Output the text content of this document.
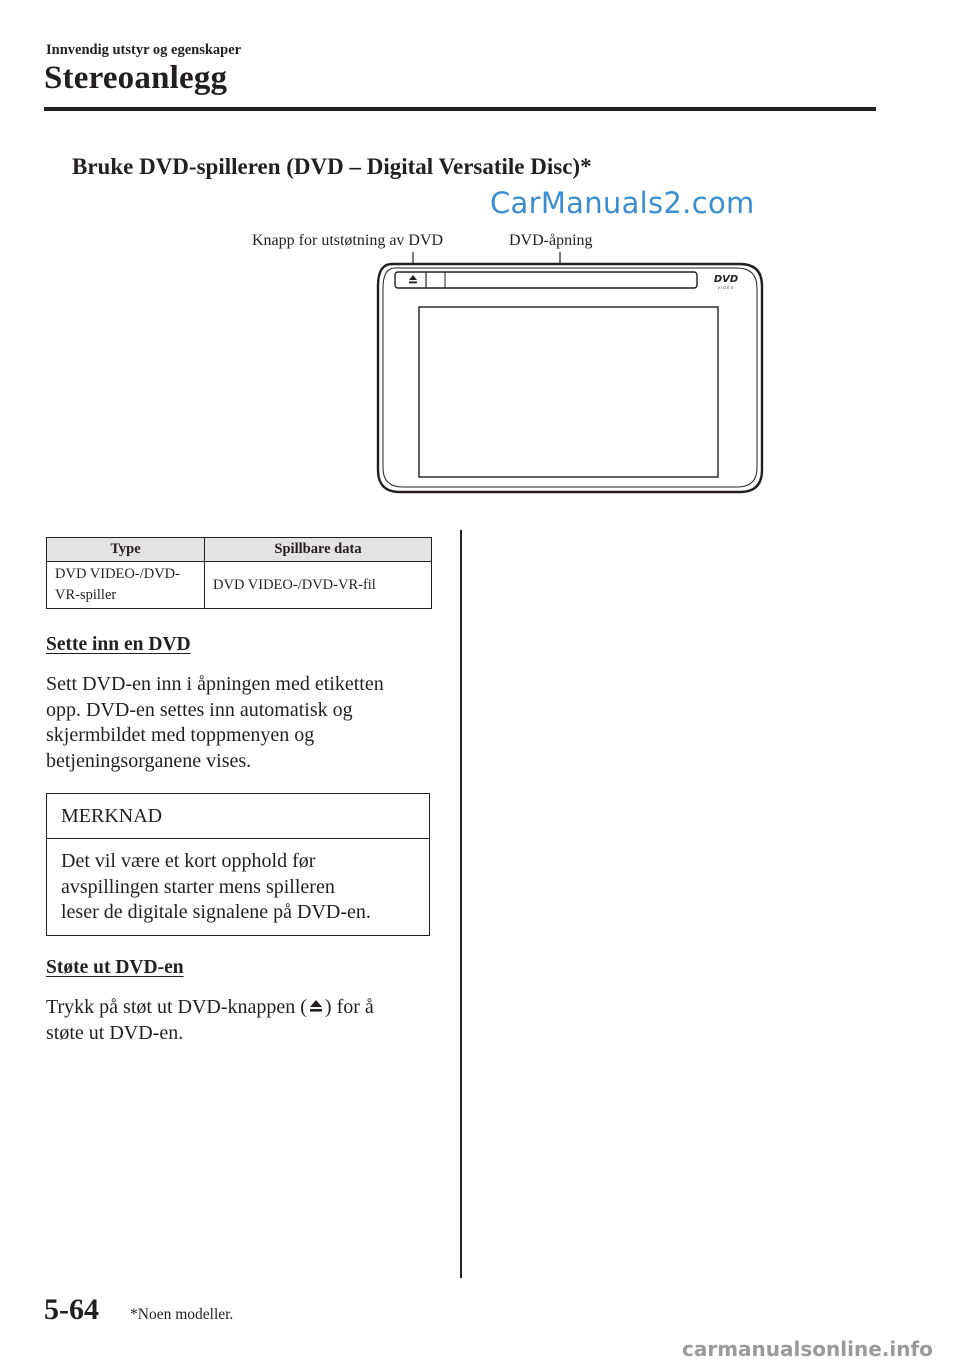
Innvendig utstyr og egenskaper
Stereoanlegg
Bruke DVD-spilleren (DVD – Digital Versatile Disc)*
CarManuals2.com
Knapp for utstøtning av DVD	DVD-åpning
DVD
VIDEO
Type	Spillbare data
DVD VIDEO-/DVD-VR-spiller	DVD VIDEO-/DVD-VR-fil
Sette inn en DVD
Sett DVD-en inn i åpningen med etiketten
opp. DVD-en settes inn automatisk og
skjermbildet med toppmenyen og
betjeningsorganene vises.
MERKNAD
Det vil være et kort opphold før
avspillingen starter mens spilleren
leser de digitale signalene på DVD-en.
Støte ut DVD-en
Trykk på støt ut DVD-knappen ( ) for å
støte ut DVD-en.
5-64 *Noen modeller.
carmanualsonline.info
